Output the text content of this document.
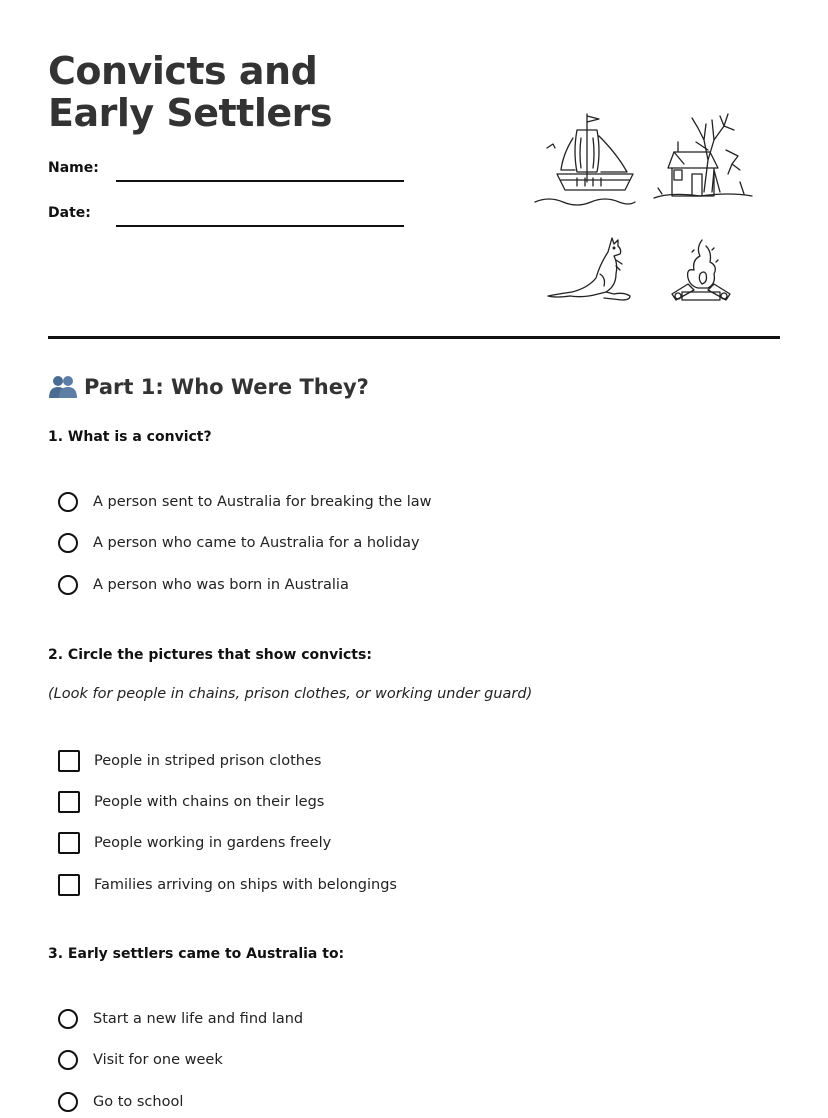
Convicts and Early Settlers
Name:
Date:
Part 1: Who Were They?
1. What is a convict?
A person sent to Australia for breaking the law
A person who came to Australia for a holiday
A person who was born in Australia
2. Circle the pictures that show convicts:
(Look for people in chains, prison clothes, or working under guard)
People in striped prison clothes
People with chains on their legs
People working in gardens freely
Families arriving on ships with belongings
3. Early settlers came to Australia to:
Start a new life and find land
Visit for one week
Go to school
